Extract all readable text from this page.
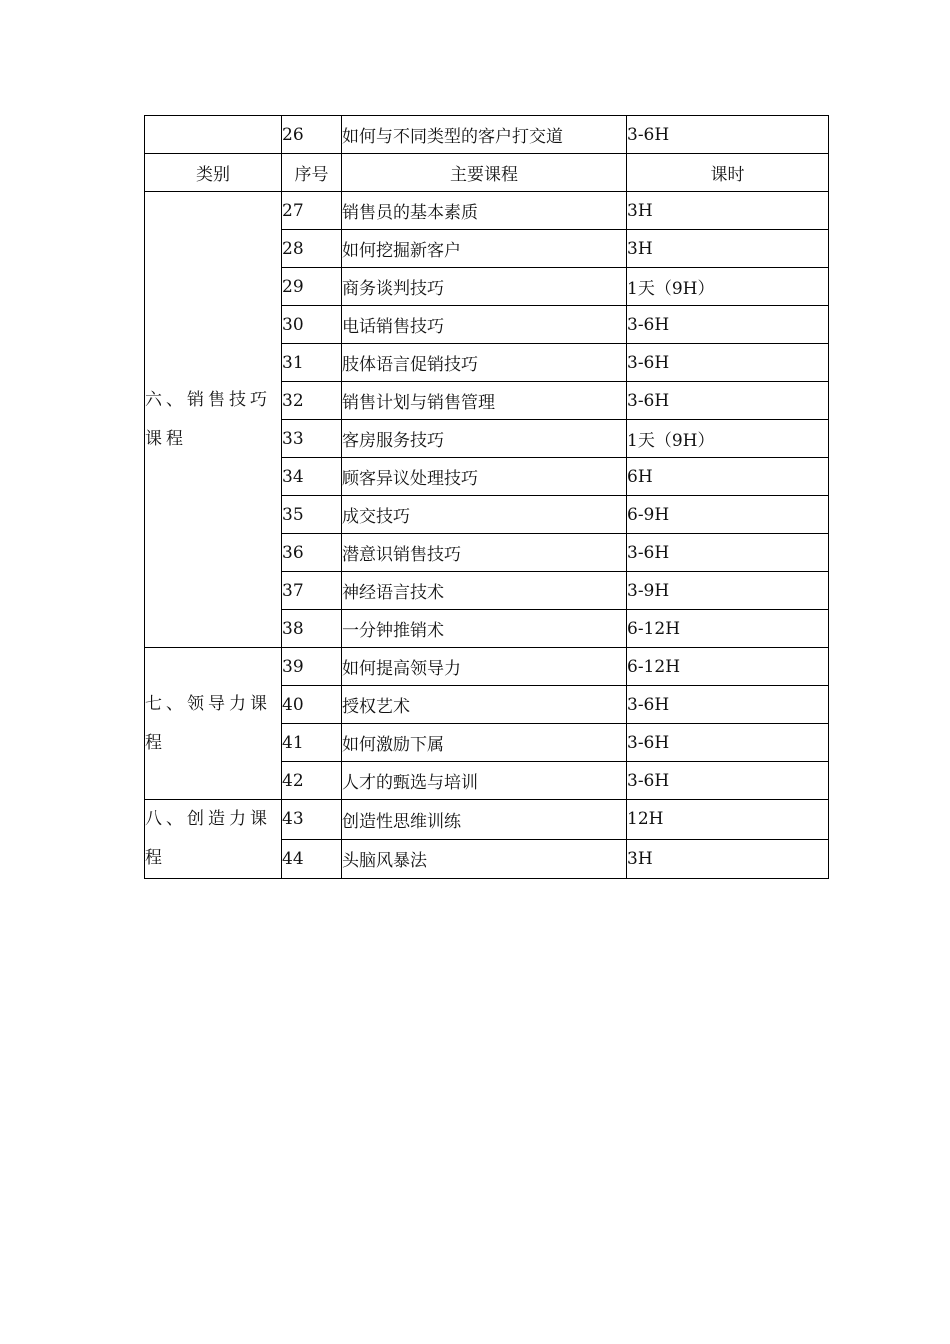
	26	如何与不同类型的客户打交道	3-6H
类别	序号	主要课程	课时
六、销售技巧课程	27	销售员的基本素质	3H
	28	如何挖掘新客户	3H
	29	商务谈判技巧	1天（9H）
	30	电话销售技巧	3-6H
	31	肢体语言促销技巧	3-6H
	32	销售计划与销售管理	3-6H
	33	客房服务技巧	1天（9H）
	34	顾客异议处理技巧	6H
	35	成交技巧	6-9H
	36	潜意识销售技巧	3-6H
	37	神经语言技术	3-9H
	38	一分钟推销术	6-12H
七、领导力课程	39	如何提高领导力	6-12H
	40	授权艺术	3-6H
	41	如何激励下属	3-6H
	42	人才的甄选与培训	3-6H
八、创造力课程	43	创造性思维训练	12H
	44	头脑风暴法	3H
